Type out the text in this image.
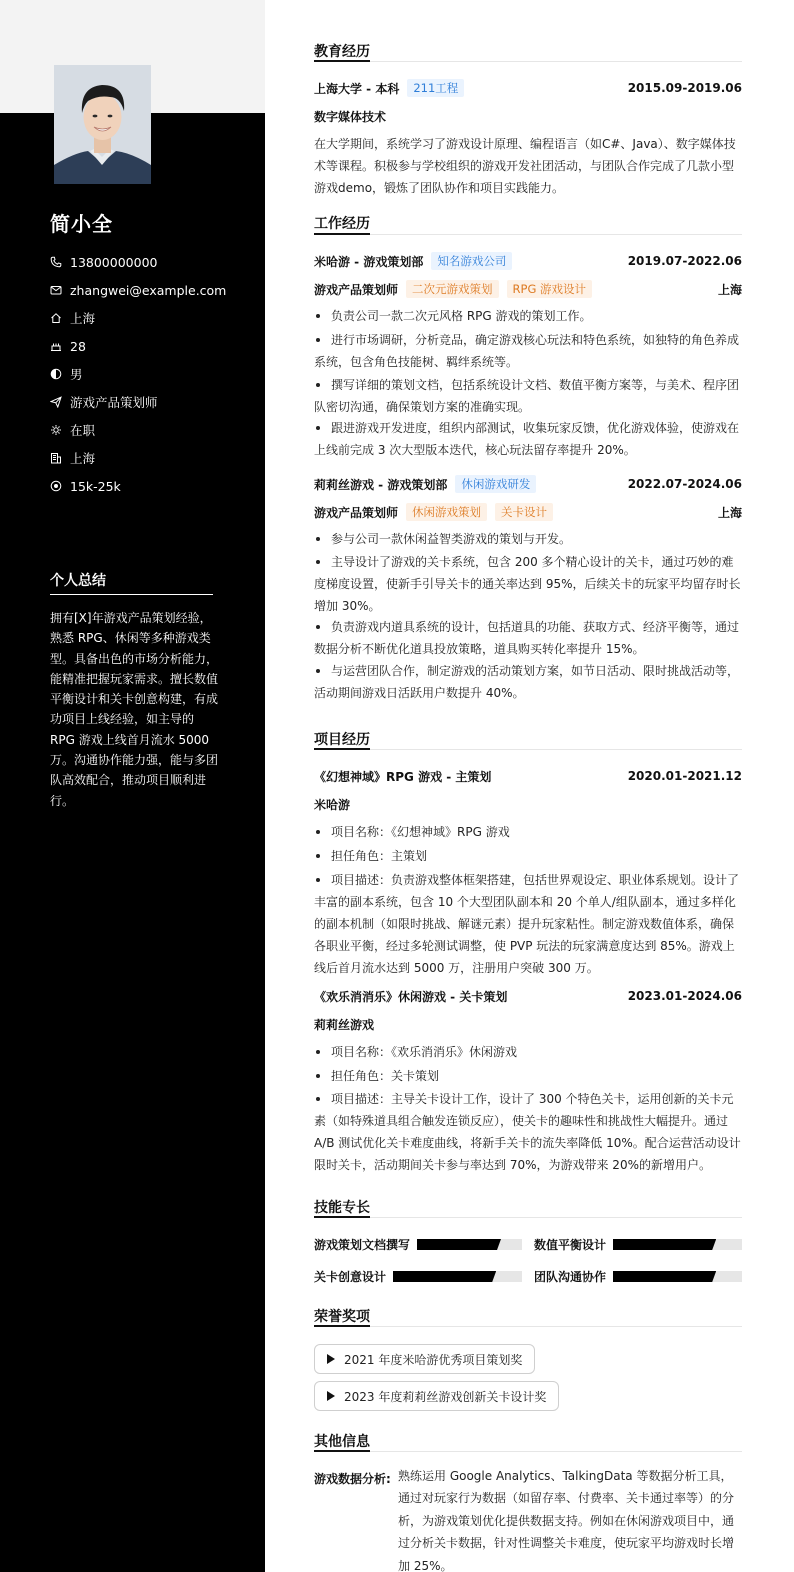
简小全
13800000000
zhangwei@example.com
上海
28
男
游戏产品策划师
在职
上海
15k-25k
个人总结
拥有[X]年游戏产品策划经验，熟悉 RPG、休闲等多种游戏类型。具备出色的市场分析能力，能精准把握玩家需求。擅长数值平衡设计和关卡创意构建，有成功项目上线经验，如主导的 RPG 游戏上线首月流水 5000 万。沟通协作能力强，能与多团队高效配合，推动项目顺利进行。
教育经历
上海大学 - 本科	211工程	2015.09-2019.06
数字媒体技术
在大学期间，系统学习了游戏设计原理、编程语言（如C#、Java）、数字媒体技术等课程。积极参与学校组织的游戏开发社团活动，与团队合作完成了几款小型游戏demo，锻炼了团队协作和项目实践能力。
工作经历
米哈游 - 游戏策划部	知名游戏公司	2019.07-2022.06
游戏产品策划师	二次元游戏策划	RPG 游戏设计	上海
负责公司一款二次元风格 RPG 游戏的策划工作。
进行市场调研，分析竞品，确定游戏核心玩法和特色系统，如独特的角色养成系统，包含角色技能树、羁绊系统等。
撰写详细的策划文档，包括系统设计文档、数值平衡方案等，与美术、程序团队密切沟通，确保策划方案的准确实现。
跟进游戏开发进度，组织内部测试，收集玩家反馈，优化游戏体验，使游戏在上线前完成 3 次大型版本迭代，核心玩法留存率提升 20%。
莉莉丝游戏 - 游戏策划部	休闲游戏研发	2022.07-2024.06
游戏产品策划师	休闲游戏策划	关卡设计	上海
参与公司一款休闲益智类游戏的策划与开发。
主导设计了游戏的关卡系统，包含 200 多个精心设计的关卡，通过巧妙的难度梯度设置，使新手引导关卡的通关率达到 95%，后续关卡的玩家平均留存时长增加 30%。
负责游戏内道具系统的设计，包括道具的功能、获取方式、经济平衡等，通过数据分析不断优化道具投放策略，道具购买转化率提升 15%。
与运营团队合作，制定游戏的活动策划方案，如节日活动、限时挑战活动等，活动期间游戏日活跃用户数提升 40%。
项目经历
《幻想神域》RPG 游戏 - 主策划	2020.01-2021.12
米哈游
项目名称：《幻想神域》RPG 游戏
担任角色：主策划
项目描述：负责游戏整体框架搭建，包括世界观设定、职业体系规划。设计了丰富的副本系统，包含 10 个大型团队副本和 20 个单人/组队副本，通过多样化的副本机制（如限时挑战、解谜元素）提升玩家粘性。制定游戏数值体系，确保各职业平衡，经过多轮测试调整，使 PVP 玩法的玩家满意度达到 85%。游戏上线后首月流水达到 5000 万，注册用户突破 300 万。
《欢乐消消乐》休闲游戏 - 关卡策划	2023.01-2024.06
莉莉丝游戏
项目名称：《欢乐消消乐》休闲游戏
担任角色：关卡策划
项目描述：主导关卡设计工作，设计了 300 个特色关卡，运用创新的关卡元素（如特殊道具组合触发连锁反应），使关卡的趣味性和挑战性大幅提升。通过 A/B 测试优化关卡难度曲线，将新手关卡的流失率降低 10%。配合运营活动设计限时关卡，活动期间关卡参与率达到 70%，为游戏带来 20%的新增用户。
技能专长
游戏策划文档撰写	数值平衡设计
关卡创意设计	团队沟通协作
荣誉奖项
2021 年度米哈游优秀项目策划奖
2023 年度莉莉丝游戏创新关卡设计奖
其他信息
游戏数据分析: 熟练运用 Google Analytics、TalkingData 等数据分析工具，通过对玩家行为数据（如留存率、付费率、关卡通过率等）的分析，为游戏策划优化提供数据支持。例如在休闲游戏项目中，通过分析关卡数据，针对性调整关卡难度，使玩家平均游戏时长增加 25%。
